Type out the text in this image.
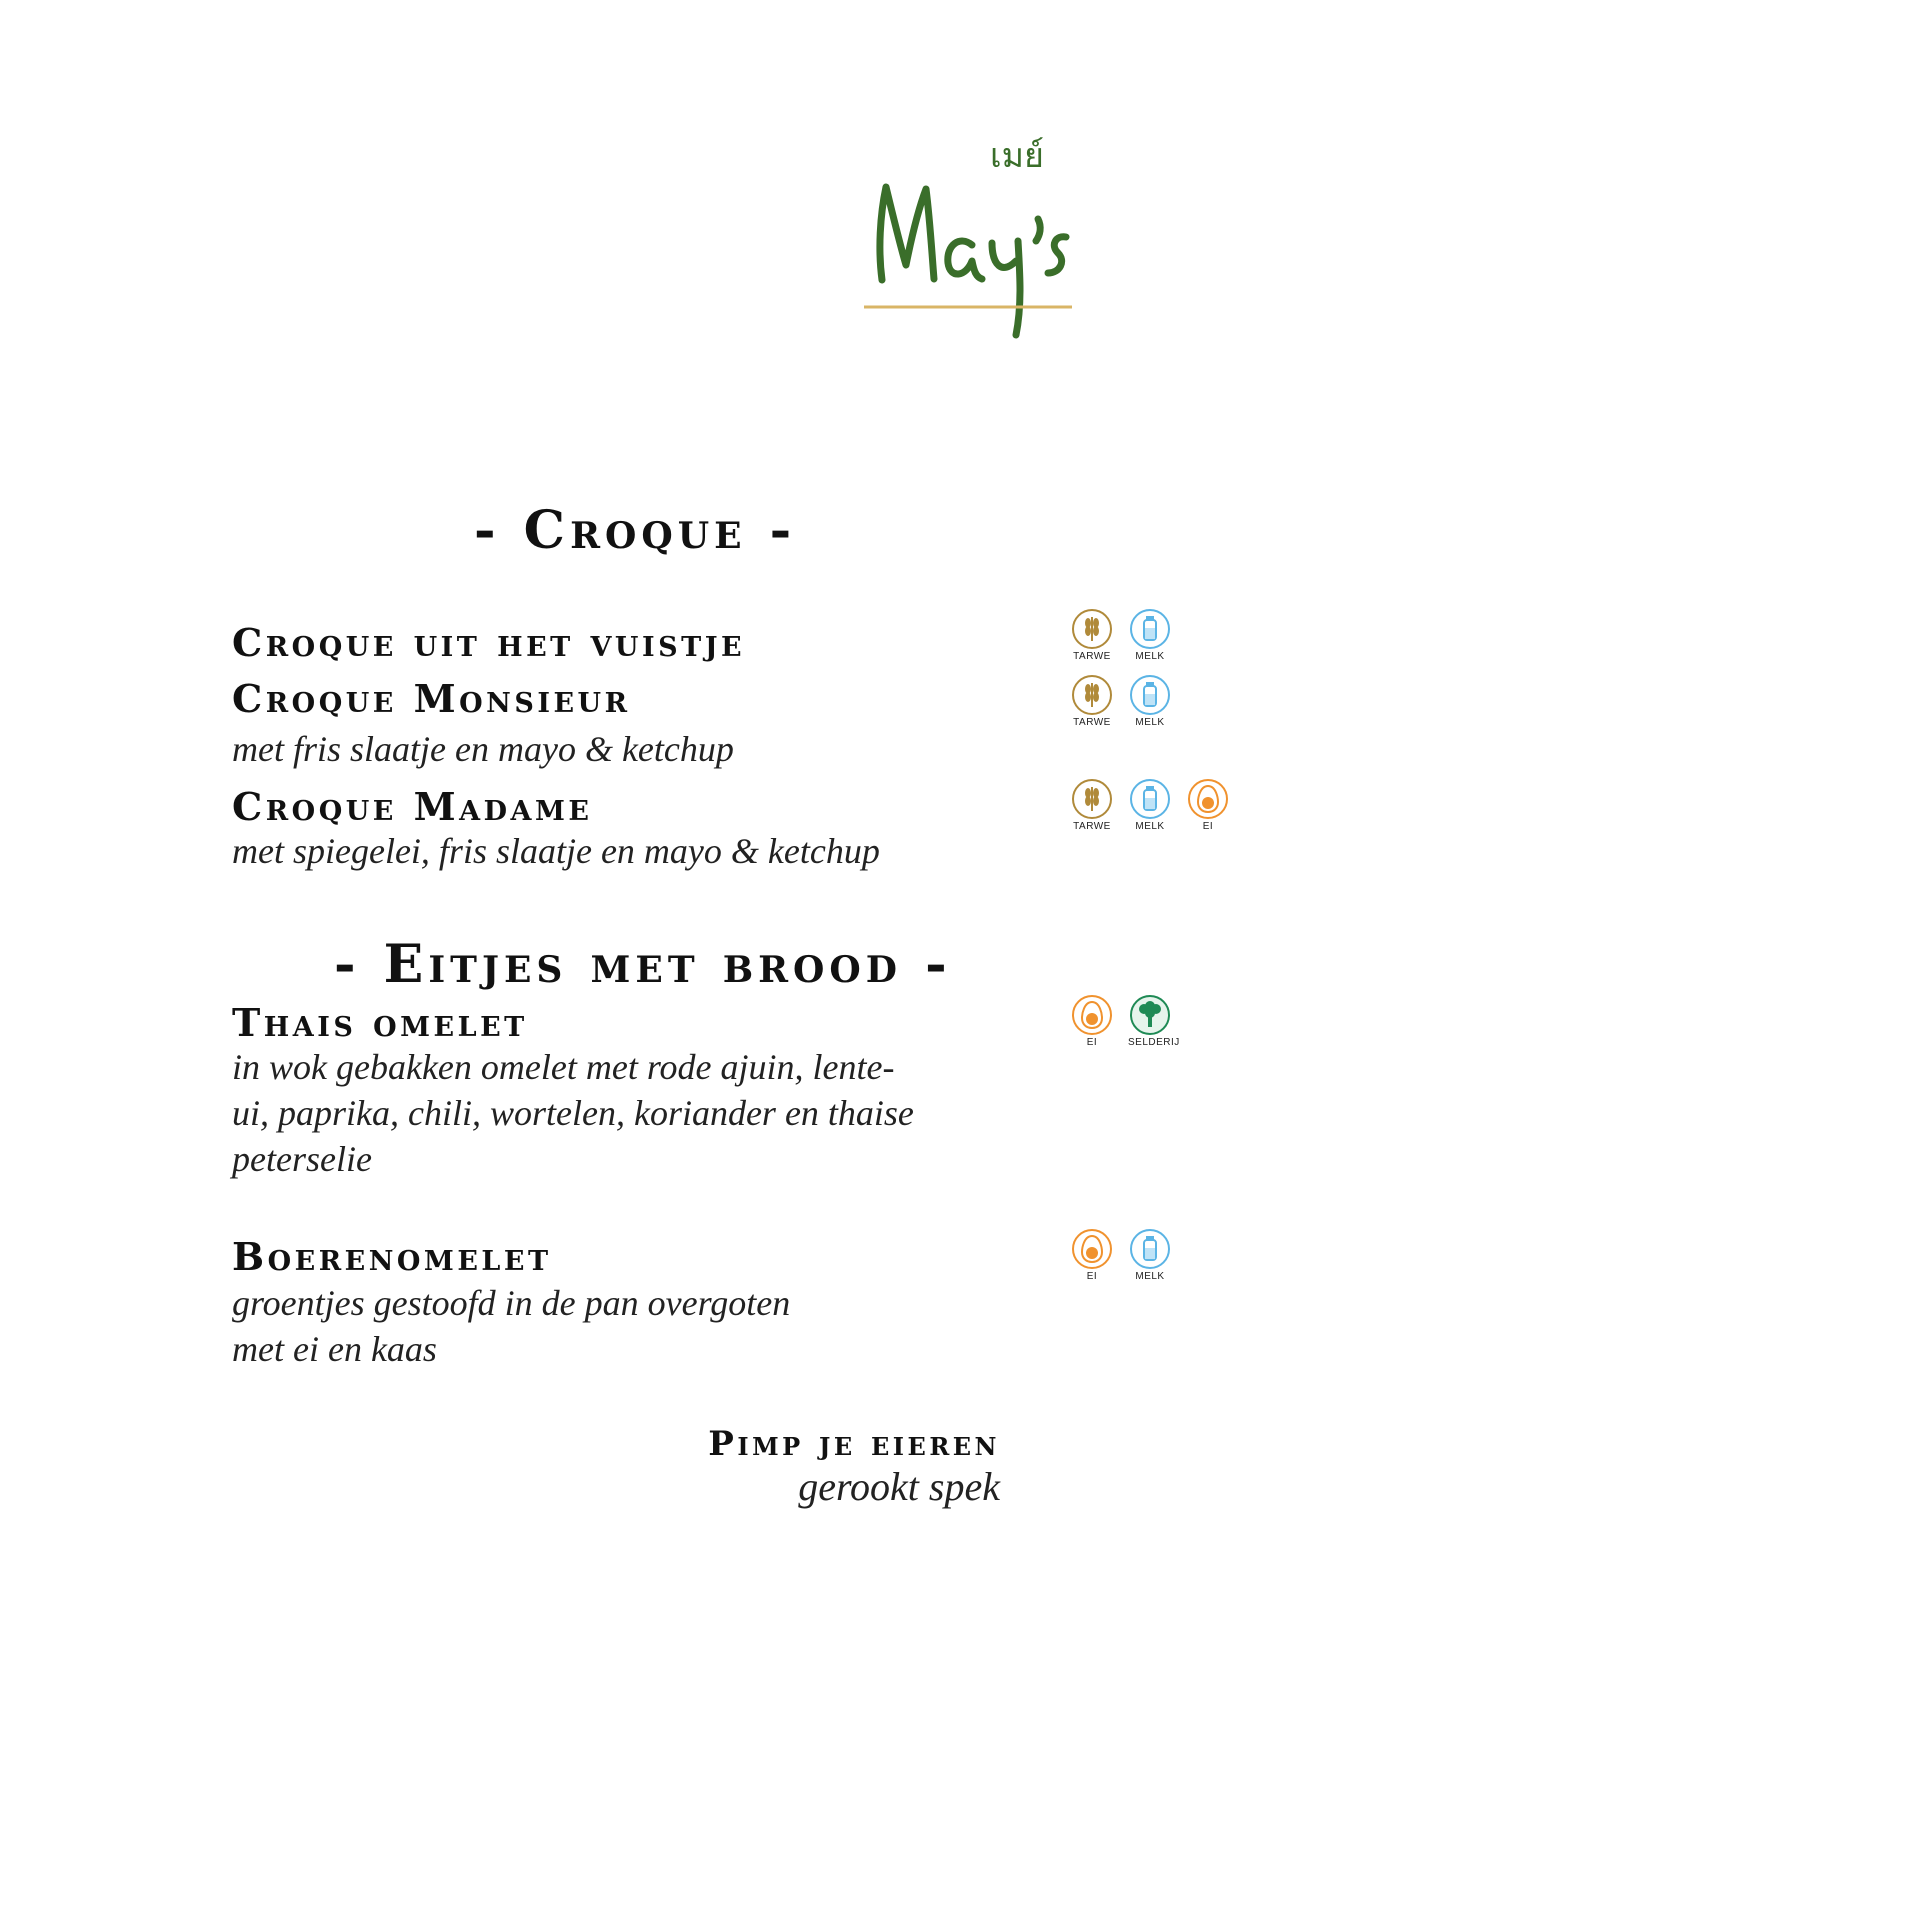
เมย์
- Croque -
Croque uit het vuistje	TARWE	MELK
Croque Monsieur
met fris slaatje en mayo & ketchup
TARWE	MELK
Croque Madame
met spiegelei, fris slaatje en mayo & ketchup
TARWE	MELK	EI
- Eitjes met brood -
Thais omelet
in wok gebakken omelet met rode ajuin, lente-
ui, paprika, chili, wortelen, koriander en thaise
peterselie
EI	SELDERIJ
Boerenomelet
groentjes gestoofd in de pan overgoten
met ei en kaas
EI	MELK
Pimp je eieren
gerookt spek
